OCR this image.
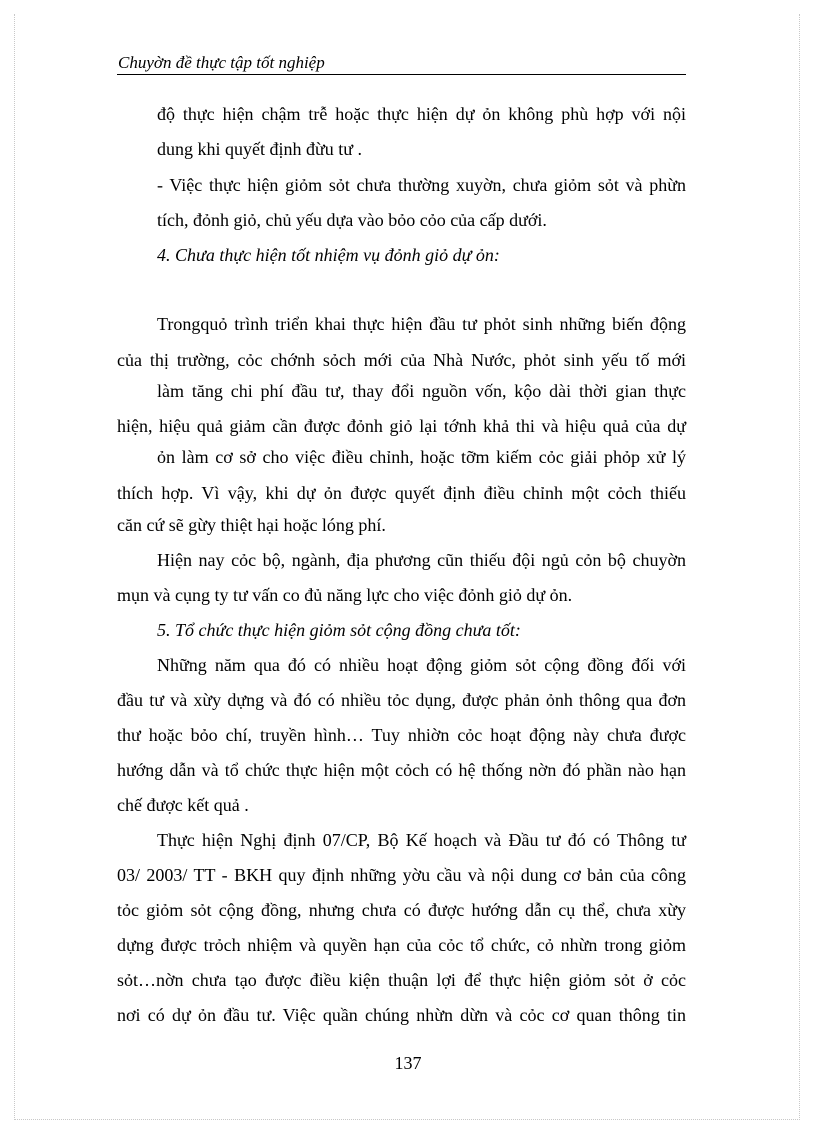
Chuyờn đề thực tập tốt nghiệp
độ thực hiện chậm trễ hoặc thực hiện dự ỏn không phù hợp với nội
dung khi quyết định đừu tư .
- Việc thực hiện giỏm sỏt chưa thường xuyờn, chưa giỏm sỏt và phừn
tích, đỏnh giỏ, chủ yếu dựa vào bỏo cỏo của cấp dưới.
4. Chưa thực hiện tốt nhiệm vụ đỏnh giỏ dự ỏn:
Trongquỏ trình triển khai thực hiện đầu tư phỏt sinh những biến động
của thị trường, cỏc chớnh sỏch mới của Nhà Nước, phỏt sinh yếu tố mới
làm tăng chi phí đầu tư, thay đổi nguồn vốn, kộo dài thời gian thực
hiện, hiệu quả giảm cần được đỏnh giỏ lại tớnh khả thi và hiệu quả của dự
ỏn làm cơ sở cho việc điều chỉnh, hoặc tỡm kiếm cỏc giải phỏp xử lý
thích hợp. Vì vậy, khi dự ỏn được quyết định điều chỉnh một cỏch thiếu
căn cứ sẽ gừy thiệt hại hoặc lóng phí.
Hiện nay cỏc bộ, ngành, địa phương cũn thiếu đội ngủ cỏn bộ chuyờn
mụn và cụng ty tư vấn co đủ năng lực cho việc đỏnh giỏ dự ỏn.
5. Tổ chức thực hiện giỏm sỏt cộng đồng chưa tốt:
Những năm qua đó có nhiều hoạt động giỏm sỏt cộng đồng đối với
đầu tư và xừy dựng và đó có nhiều tỏc dụng, được phản ỏnh thông qua đơn
thư hoặc bỏo chí, truyền hình… Tuy nhiờn cỏc hoạt động này chưa được
hướng dẫn và tổ chức thực hiện một cỏch có hệ thống nờn đó phần nào hạn
chế được kết quả .
Thực hiện Nghị định 07/CP, Bộ Kế hoạch và Đầu tư đó có Thông tư
03/ 2003/ TT - BKH quy định những yờu cầu và nội dung cơ bản của công
tỏc giỏm sỏt cộng đồng, nhưng chưa có được hướng dẫn cụ thể, chưa xừy
dựng được trỏch nhiệm và quyền hạn của cỏc tổ chức, cỏ nhừn trong giỏm
sỏt…nờn chưa tạo được điều kiện thuận lợi để thực hiện giỏm sỏt ở cỏc
nơi có dự ỏn đầu tư. Việc quần chúng nhừn dừn và cỏc cơ quan thông tin
137
